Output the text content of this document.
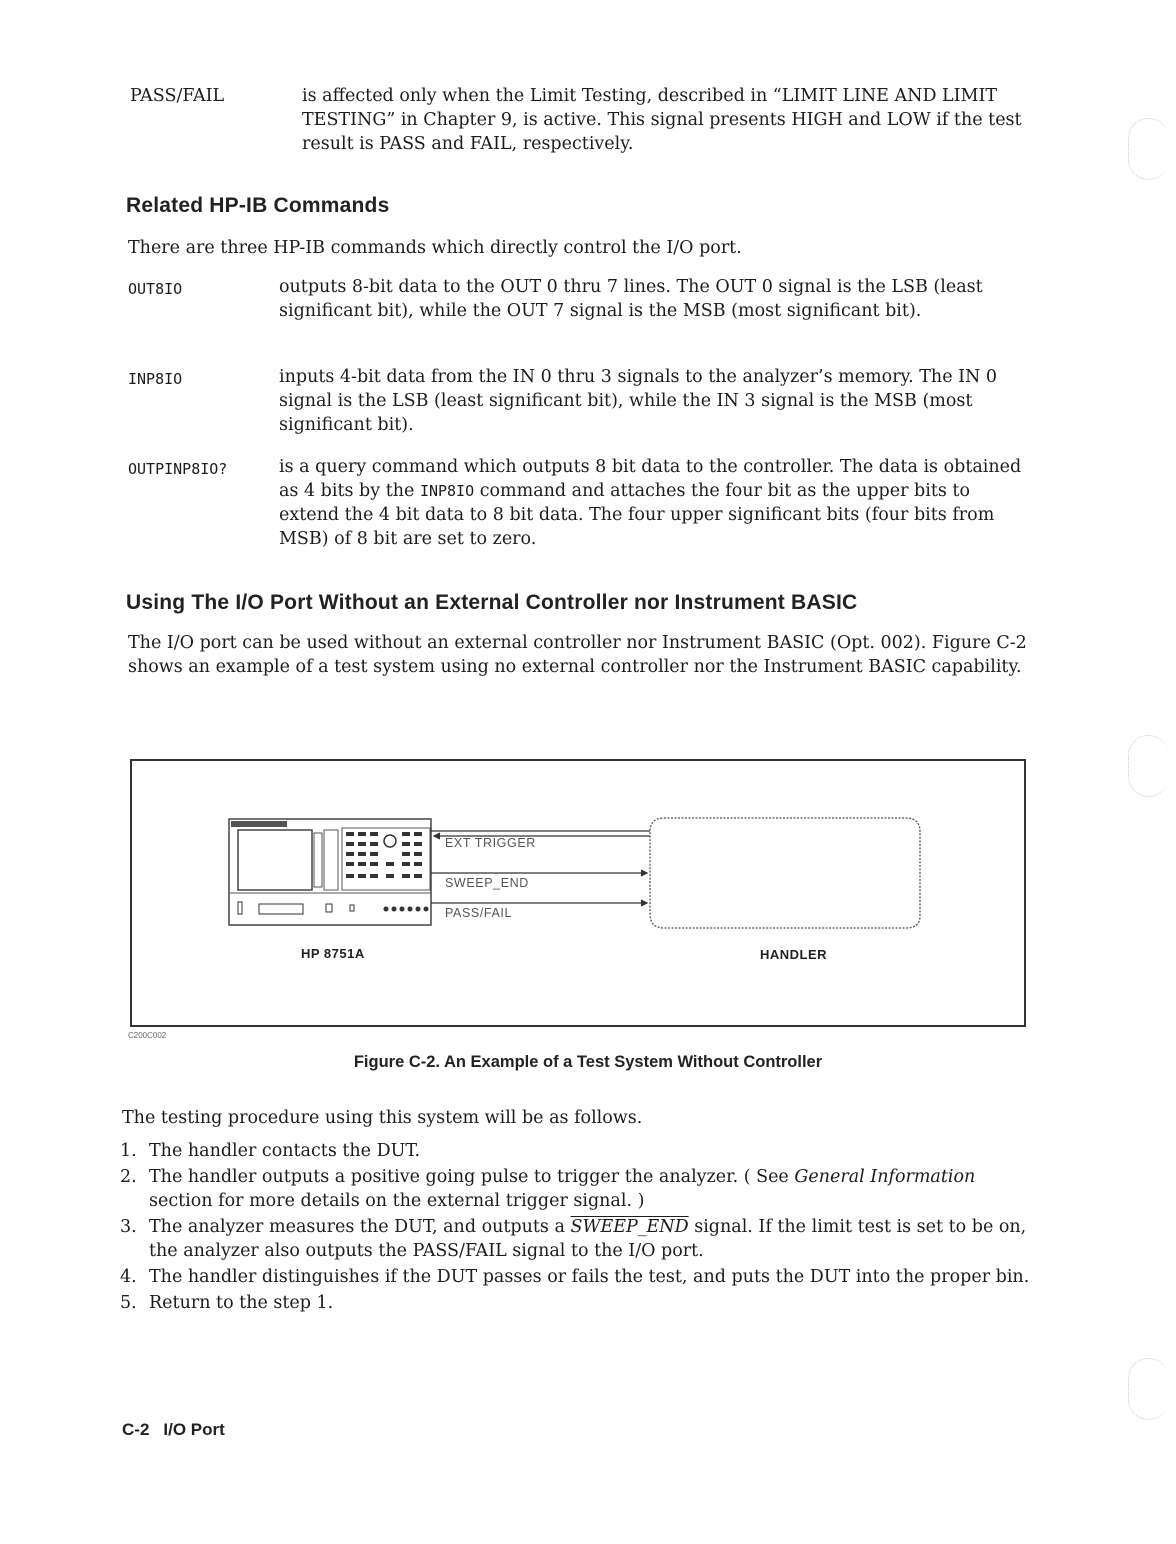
PASS/FAIL	is affected only when the Limit Testing, described in “LIMIT LINE AND LIMIT TESTING” in Chapter 9, is active. This signal presents HIGH and LOW if the test result is PASS and FAIL, respectively.
Related HP-IB Commands

There are three HP-IB commands which directly control the I/O port.

OUT8IO	outputs 8-bit data to the OUT 0 thru 7 lines. The OUT 0 signal is the LSB (least significant bit), while the OUT 7 signal is the MSB (most significant bit).
INP8IO	inputs 4-bit data from the IN 0 thru 3 signals to the analyzer’s memory. The IN 0 signal is the LSB (least significant bit), while the IN 3 signal is the MSB (most significant bit).
OUTPINP8IO?	is a query command which outputs 8 bit data to the controller. The data is obtained as 4 bits by the INP8IO command and attaches the four bit as the upper bits to extend the 4 bit data to 8 bit data. The four upper significant bits (four bits from MSB) of 8 bit are set to zero.
Using The I/O Port Without an External Controller nor Instrument BASIC

The I/O port can be used without an external controller nor Instrument BASIC (Opt. 002). Figure C-2 shows an example of a test system using no external controller nor the Instrument BASIC capability.

EXT TRIGGER
SWEEP_END
PASS/FAIL
HP 8751A	HANDLER
C200C002
Figure C-2. An Example of a Test System Without Controller

The testing procedure using this system will be as follows.

1. The handler contacts the DUT.

2. The handler outputs a positive going pulse to trigger the analyzer. ( See General Information section for more details on the external trigger signal. )

3. The analyzer measures the DUT, and outputs a SWEEP_END signal. If the limit test is set to be on, the analyzer also outputs the PASS/FAIL signal to the I/O port.

4. The handler distinguishes if the DUT passes or fails the test, and puts the DUT into the proper bin.

5. Return to the step 1.

C-2 I/O Port
